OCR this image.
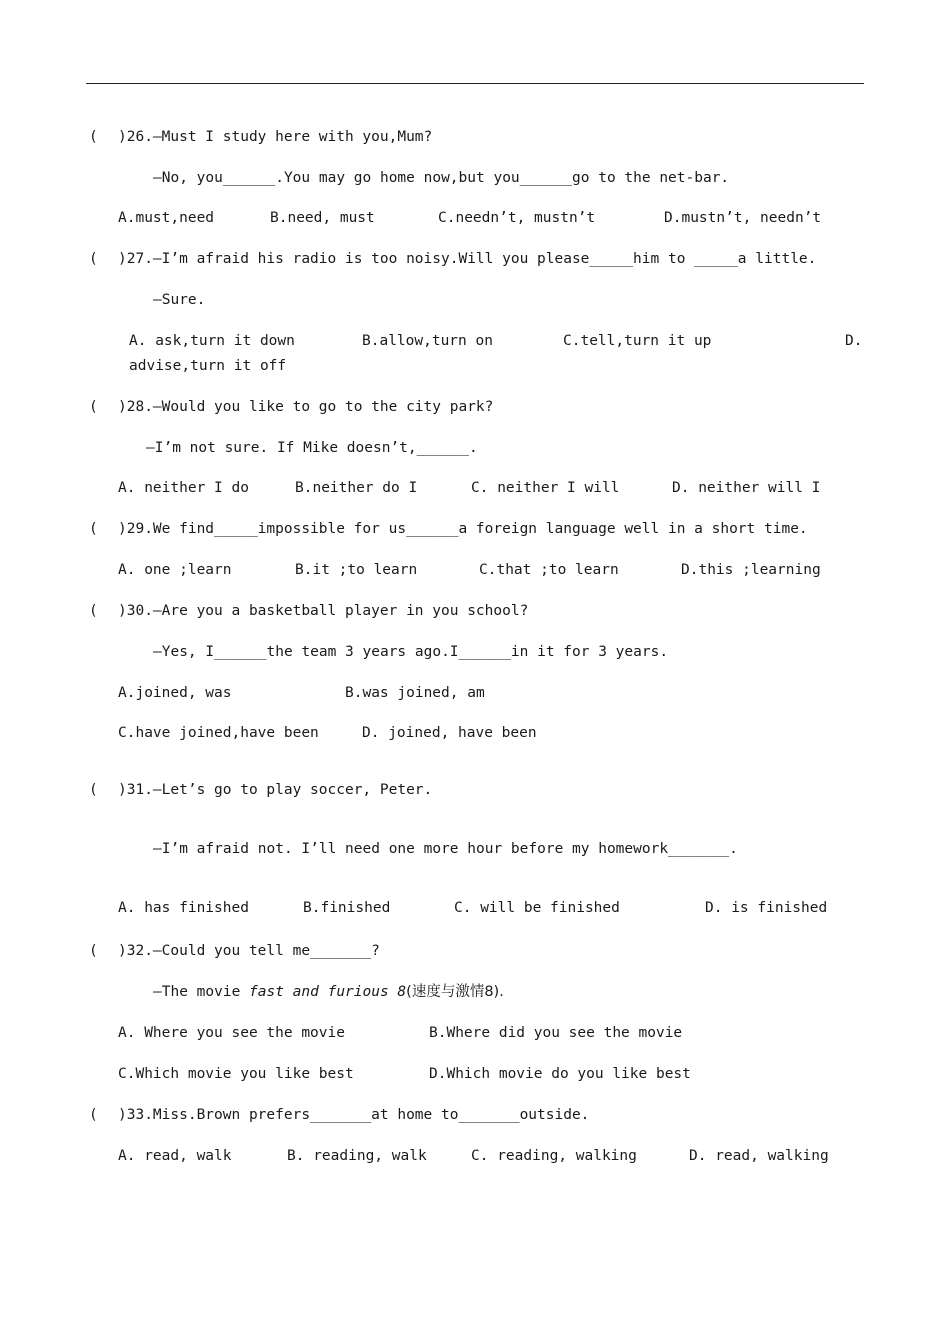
( )26.—Must I study here with you,Mum?
—No, you______.You may go home now,but you______go to the net-bar.
A.must,need	B.need, must	C.needn’t, mustn’t	D.mustn’t, needn’t
( )27.—I’m afraid his radio is too noisy.Will you please_____him to _____a little.
—Sure.
A. ask,turn it down	B.allow,turn on	C.tell,turn it up	D.
advise,turn it off
( )28.—Would you like to go to the city park?
—I’m not sure. If Mike doesn’t,______.
A. neither I do	B.neither do I	C. neither I will	D. neither will I
( )29.We find_____impossible for us______a foreign language well in a short time.
A. one ;learn	B.it ;to learn	C.that ;to learn	D.this ;learning
( )30.—Are you a basketball player in you school?
—Yes, I______the team 3 years ago.I______in it for 3 years.
A.joined, was	B.was joined, am
C.have joined,have been	D. joined, have been
( )31.—Let’s go to play soccer, Peter.
—I’m afraid not. I’ll need one more hour before my homework_______.
A. has finished	B.finished	C. will be finished	D. is finished
( )32.—Could you tell me_______?
—The movie fast and furious 8(速度与激情8).
A. Where you see the movie	B.Where did you see the movie
C.Which movie you like best	D.Which movie do you like best
( )33.Miss.Brown prefers_______at home to_______outside.
A. read, walk	B. reading, walk	C. reading, walking	D. read, walking
